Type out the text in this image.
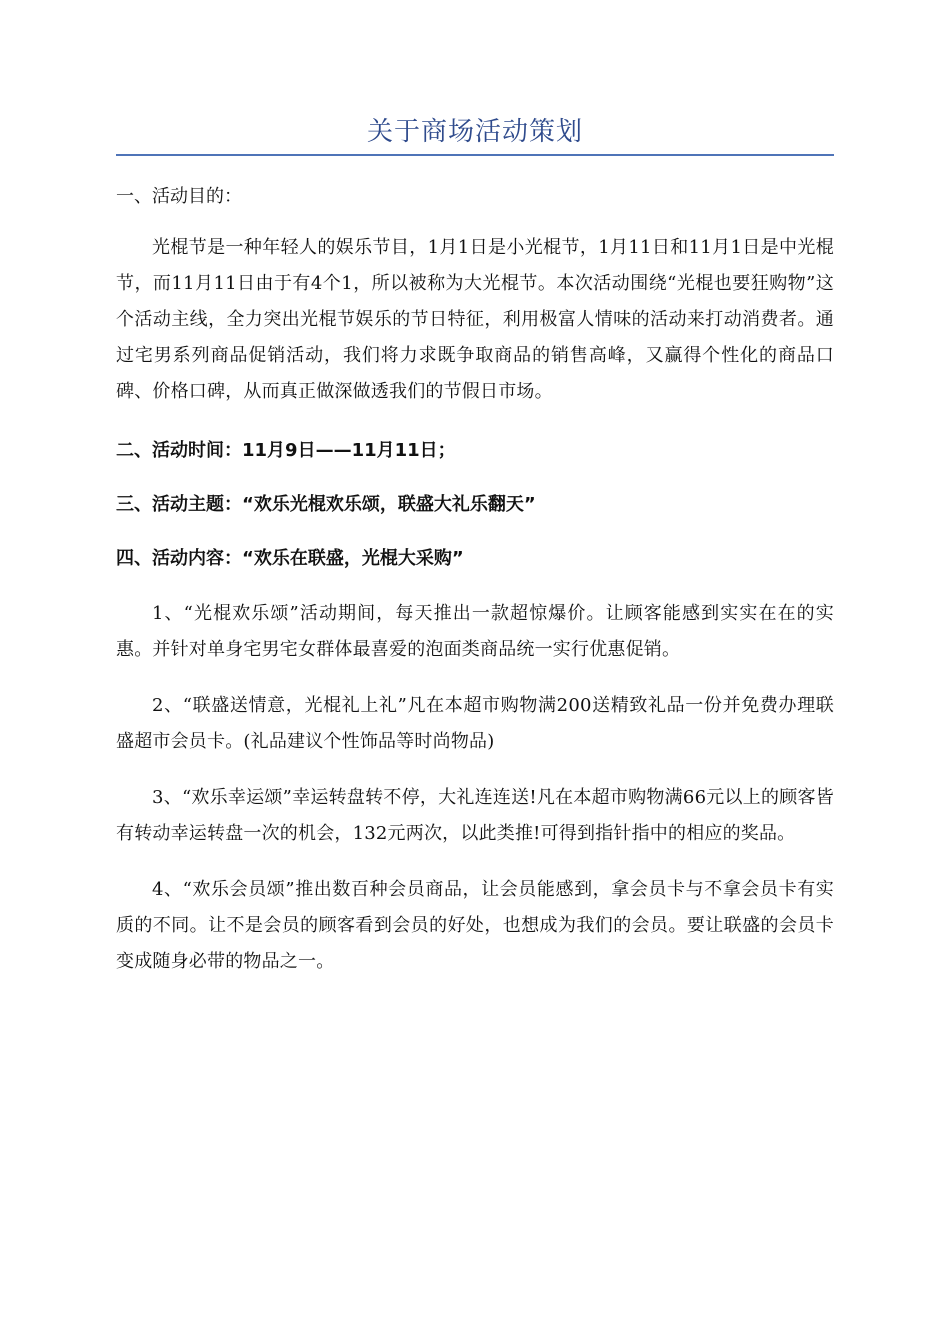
关于商场活动策划
一、活动目的：

光棍节是一种年轻人的娱乐节目，1月1日是小光棍节，1月11日和11月1日是中光棍节，而11月11日由于有4个1，所以被称为大光棍节。本次活动围绕“光棍也要狂购物”这个活动主线，全力突出光棍节娱乐的节日特征，利用极富人情味的活动来打动消费者。通过宅男系列商品促销活动，我们将力求既争取商品的销售高峰，又赢得个性化的商品口碑、价格口碑，从而真正做深做透我们的节假日市场。

二、活动时间：11月9日——11月11日；
三、活动主题：“欢乐光棍欢乐颂，联盛大礼乐翻天”
四、活动内容：“欢乐在联盛，光棍大采购”

1、“光棍欢乐颂”活动期间，每天推出一款超惊爆价。让顾客能感到实实在在的实惠。并针对单身宅男宅女群体最喜爱的泡面类商品统一实行优惠促销。

2、“联盛送情意，光棍礼上礼”凡在本超市购物满200送精致礼品一份并免费办理联盛超市会员卡。(礼品建议个性饰品等时尚物品)

3、“欢乐幸运颂”幸运转盘转不停，大礼连连送!凡在本超市购物满66元以上的顾客皆有转动幸运转盘一次的机会，132元两次，以此类推!可得到指针指中的相应的奖品。

4、“欢乐会员颂”推出数百种会员商品，让会员能感到，拿会员卡与不拿会员卡有实质的不同。让不是会员的顾客看到会员的好处，也想成为我们的会员。要让联盛的会员卡变成随身必带的物品之一。
